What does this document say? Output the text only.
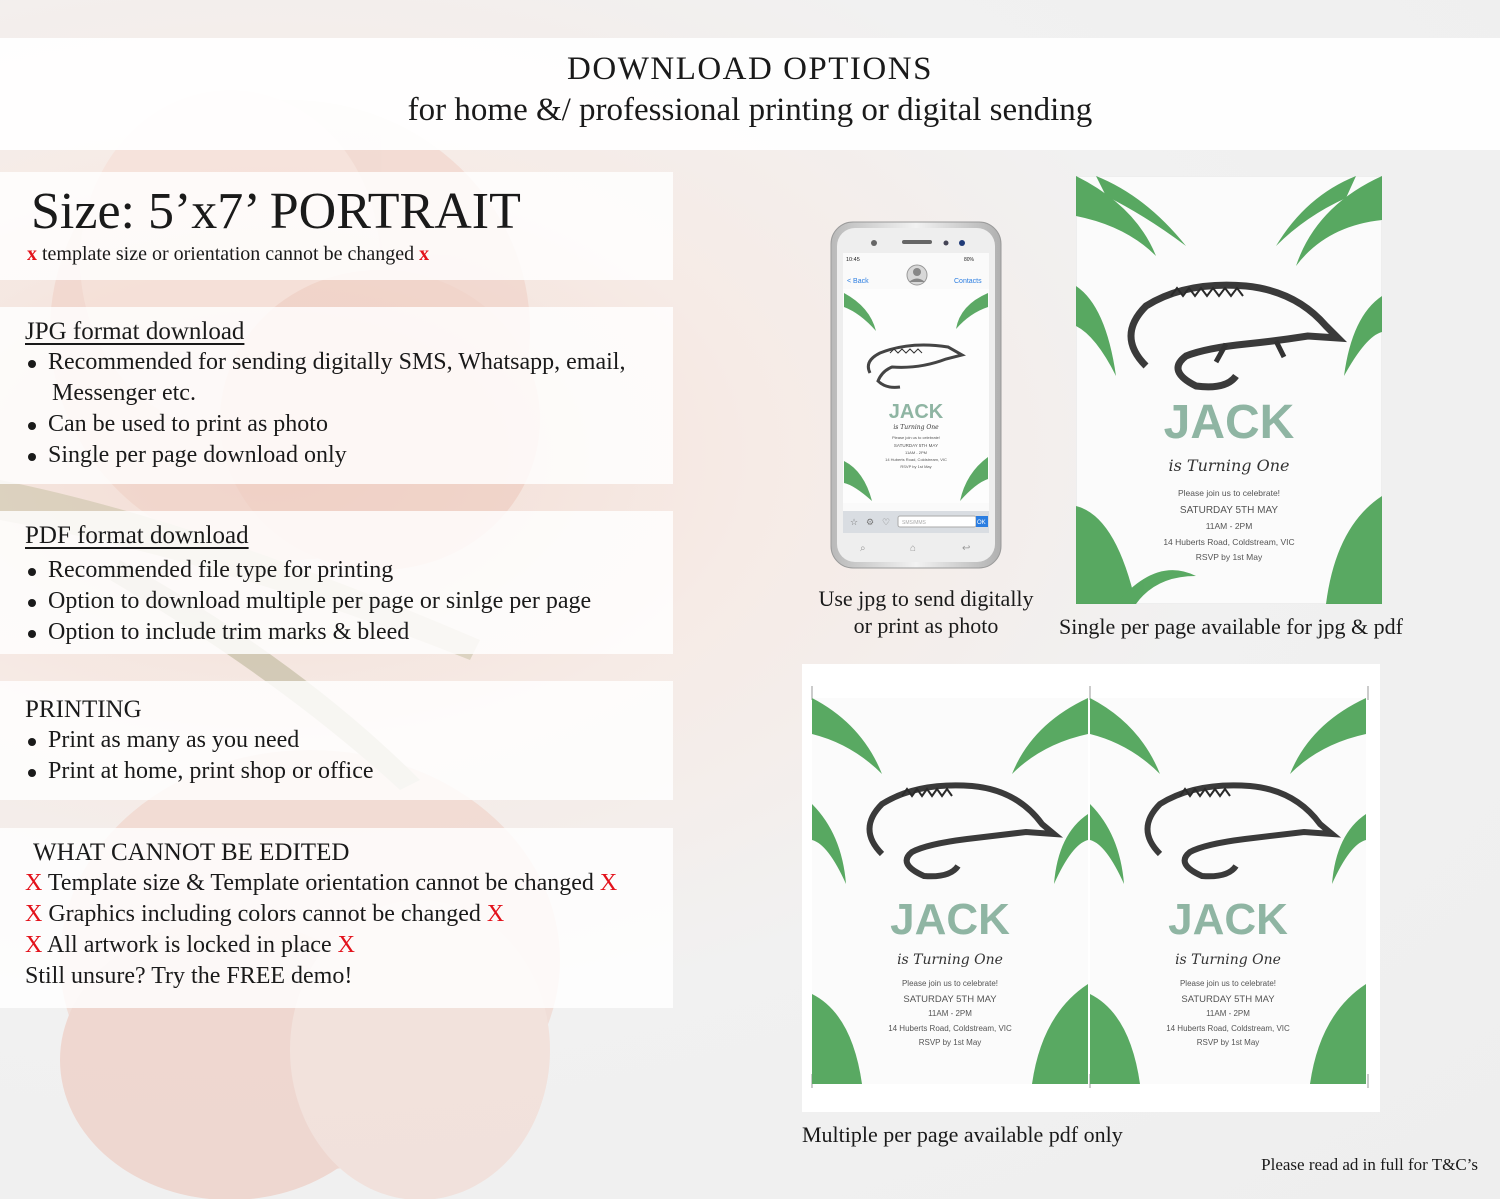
DOWNLOAD OPTIONS
for home &/ professional printing or digital sending
Size: 5’x7’ PORTRAIT
x template size or orientation cannot be changed x
JPG format download
Recommended for sending digitally SMS, Whatsapp, email,
Messenger etc.
Can be used to print as photo
Single per page download only
PDF format download
Recommended file type for printing
Option to download multiple per page or sinlge per page
Option to include trim marks & bleed
PRINTING
Print as many as you need
Print at home, print shop or office
WHAT CANNOT BE EDITED
X Template size & Template orientation cannot be changed X
X Graphics including colors cannot be changed X
X All artwork is locked in place X
Still unsure? Try the FREE demo!
10:45	80%
< Back	Contacts
JACK
is Turning One
Please join us to celebrate!
SATURDAY 5TH MAY
11AM - 2PM
14 Huberts Road, Coldstream, VIC
RSVP by 1st May
SMS/MMS	OK
☆ ⚙ ♡
⌕	⌂	↩
Use jpg to send digitally
or print as photo
JACK
is Turning One
Please join us to celebrate!
SATURDAY 5TH MAY
11AM - 2PM
14 Huberts Road, Coldstream, VIC
RSVP by 1st May
Single per page available for jpg & pdf
JACK
is Turning One
Please join us to celebrate!
SATURDAY 5TH MAY
11AM - 2PM
14 Huberts Road, Coldstream, VIC
RSVP by 1st May
JACK
is Turning One
Please join us to celebrate!
SATURDAY 5TH MAY
11AM - 2PM
14 Huberts Road, Coldstream, VIC
RSVP by 1st May
Multiple per page available pdf only
Please read ad in full for T&C’s
